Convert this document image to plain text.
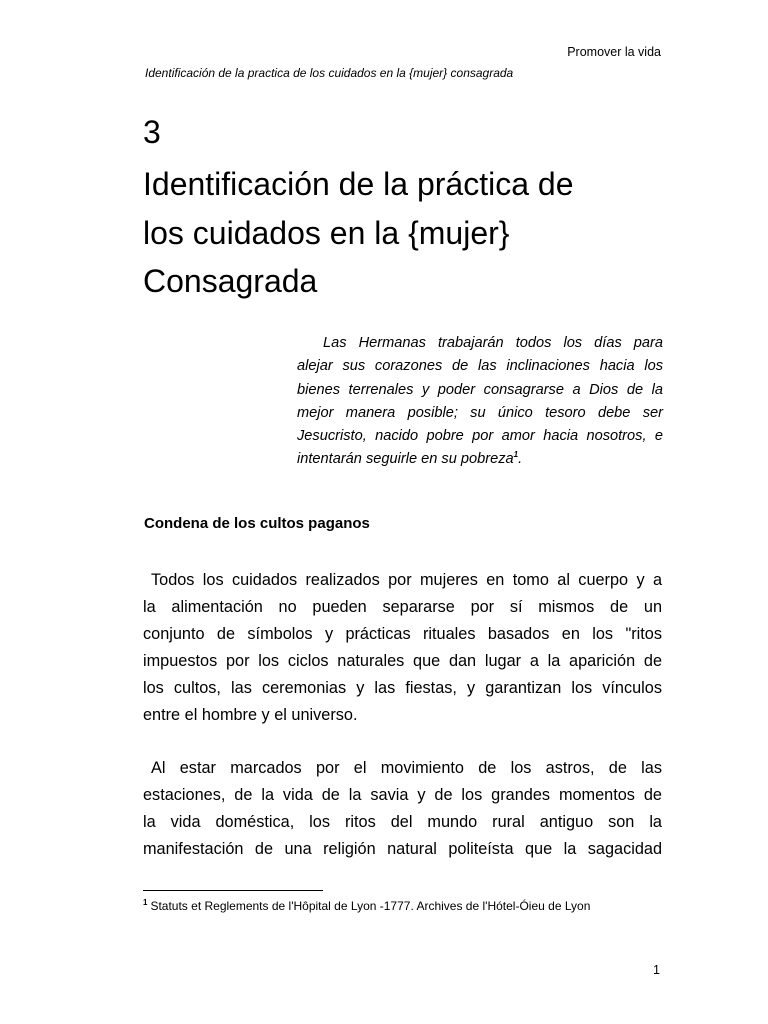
Promover la vida
Identificación de la practica de los cuidados en la {mujer} consagrada
3
Identificación de la práctica de
los cuidados en la {mujer}
Consagrada
Las Hermanas trabajarán todos los días para
alejar sus corazones de las inclinaciones hacia los
bienes terrenales y poder consagrarse a Dios de la
mejor manera posible; su único tesoro debe ser
Jesucristo, nacido pobre por amor hacia nosotros, e
intentarán seguirle en su pobreza$^1$.
Condena de los cultos paganos
Todos los cuidados realizados por mujeres en tomo al cuerpo y a
la alimentación no pueden separarse por sí mismos de un
conjunto de símbolos y prácticas rituales basados en los "ritos
impuestos por los ciclos naturales que dan lugar a la aparición de
los cultos, las ceremonias y las fiestas, y garantizan los vínculos
entre el hombre y el universo.
Al estar marcados por el movimiento de los astros, de las
estaciones, de la vida de la savia y de los grandes momentos de
la vida doméstica, los ritos del mundo rural antiguo son la
manifestación de una religión natural politeísta que la sagacidad
$^1$ Statuts et Reglements de l'Hôpital de Lyon -1777. Archives de l'Hótel-Óieu de Lyon
1
